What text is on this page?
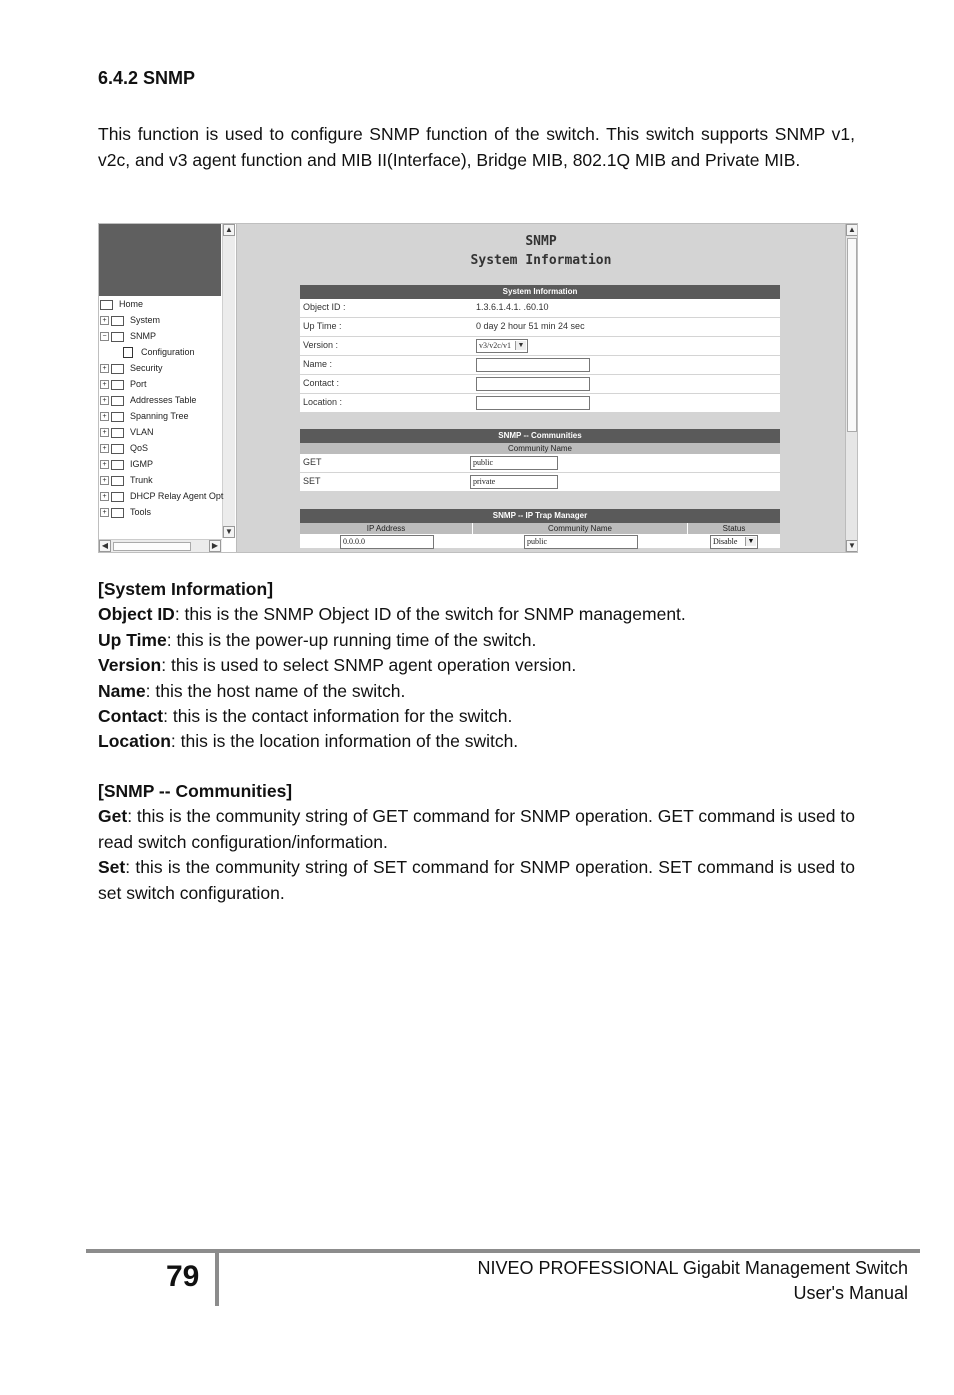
6.4.2 SNMP
This function is used to configure SNMP function of the switch. This switch supports SNMP v1, v2c, and v3 agent function and MIB II(Interface), Bridge MIB, 802.1Q MIB and Private MIB.
▲
▼
◀	▶
Home
+	System
−	SNMP
Configuration
+	Security
+	Port
+	Addresses Table
+	Spanning Tree
+	VLAN
+	QoS
+	IGMP
+	Trunk
+	DHCP Relay Agent Opt
+	Tools
SNMP
System Information
System Information
Object ID :	1.3.6.1.4.1. .60.10
Up Time :	0 day 2 hour 51 min 24 sec
Version :	v3/v2c/v1 ▼
Name :
Contact :
Location :
SNMP -- Communities
Community Name
GET	public
SET	private
SNMP -- IP Trap Manager
IP Address	Community Name	Status
0.0.0.0	public	Disable	▼
▲
▼
[System Information]
Object ID: this is the SNMP Object ID of the switch for SNMP management.
Up Time: this is the power-up running time of the switch.
Version: this is used to select SNMP agent operation version.
Name: this the host name of the switch.
Contact: this is the contact information for the switch.
Location: this is the location information of the switch.
[SNMP -- Communities]
Get: this is the community string of GET command for SNMP operation. GET command is used to read switch configuration/information.
Set: this is the community string of SET command for SNMP operation. SET command is used to set switch configuration.
79	NIVEO PROFESSIONAL Gigabit Management Switch
User's Manual
